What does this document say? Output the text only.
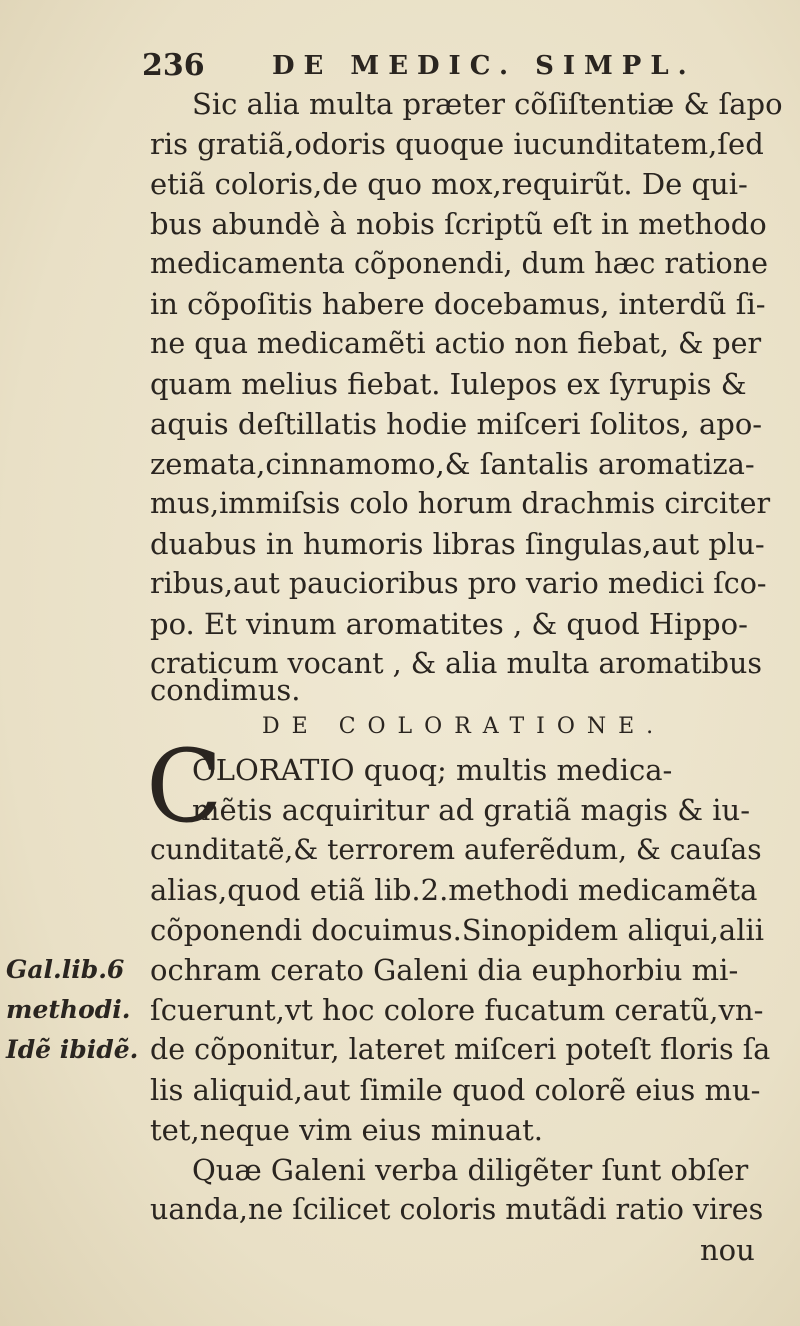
236	DE MEDIC. SIMPL.
Sic alia multa præter cõſiſtentiæ & ſapo
ris gratiã,odoris quoque iucunditatem,ſed
etiã coloris,de quo mox,requirũt. De qui-
bus abundè à nobis ſcriptũ eſt in methodo
medicamenta cõponendi, dum hæc ratione
in cõpoſitis habere docebamus, interdũ ſi-
ne qua medicamẽti actio non fiebat, & per
quam melius fiebat. Iulepos ex ſyrupis &
aquis deſtillatis hodie miſceri ſolitos, apo-
zemata,cinnamomo,& ſantalis aromatiza-
mus,immiſsis colo horum drachmis circiter
duabus in humoris libras ſingulas,aut plu-
ribus,aut paucioribus pro vario medici ſco-
po. Et vinum aromatites , & quod Hippo-
craticum vocant , & alia multa aromatibus
condimus.
DE COLORATIONE.
C
OLORATIO quoq; multis medica-
mẽtis acquiritur ad gratiã magis & iu-
cunditatẽ,& terrorem auferẽdum, & cauſas
alias,quod etiã lib.2.methodi medicamẽta
cõponendi docuimus.Sinopidem aliqui,alii
ochram cerato Galeni dia euphorbiu mi-
ſcuerunt,vt hoc colore fucatum ceratũ,vn-
de cõponitur, lateret miſceri poteſt floris ſa
lis aliquid,aut ſimile quod colorẽ eius mu-
tet,neque vim eius minuat.
Quæ Galeni verba diligẽter ſunt obſer
uanda,ne ſcilicet coloris mutãdi ratio vires
nou
Gal.lib.6
methodi.
Idẽ ibidẽ.
